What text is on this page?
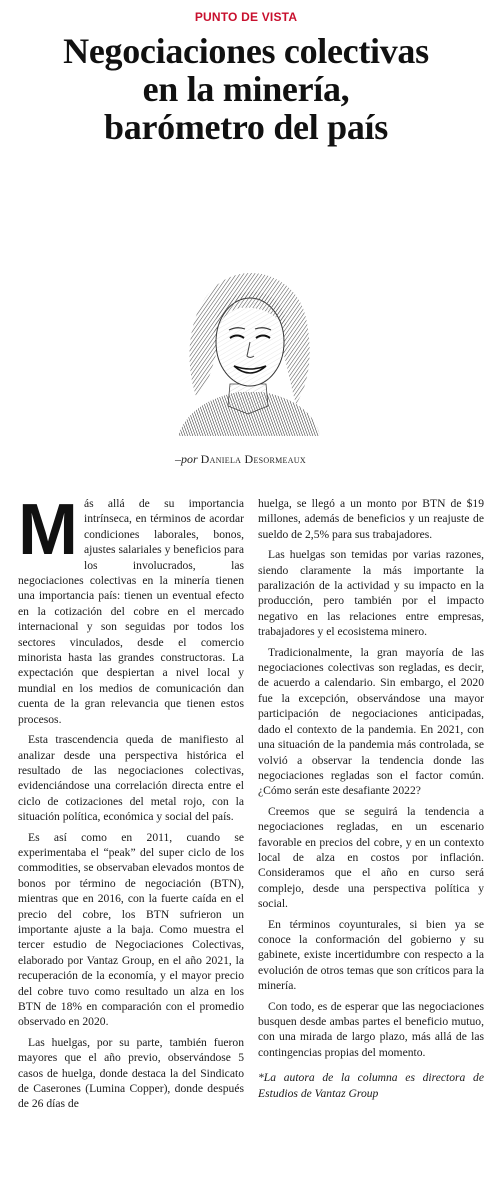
PUNTO DE VISTA
Negociaciones colectivas
en la minería,
barómetro del país
–por Daniela Desormeaux

Más allá de su importancia intrínseca, en términos de acordar condiciones laborales, bonos, ajustes salariales y beneficios para los involucrados, las negociaciones colectivas en la minería tienen una importancia país: tienen un eventual efecto en la cotización del cobre en el mercado internacional y son seguidas por todos los sectores vinculados, desde el comercio minorista hasta las grandes constructoras. La expectación que despiertan a nivel local y mundial en los medios de comunicación dan cuenta de la gran relevancia que tienen estos procesos.

Esta trascendencia queda de manifiesto al analizar desde una perspectiva histórica el resultado de las negociaciones colectivas, evidenciándose una correlación directa entre el ciclo de cotizaciones del metal rojo, con la situación política, económica y social del país.

Es así como en 2011, cuando se experimentaba el “peak” del super ciclo de los commodities, se observaban elevados montos de bonos por término de negociación (BTN), mientras que en 2016, con la fuerte caída en el precio del cobre, los BTN sufrieron un importante ajuste a la baja. Como muestra el tercer estudio de Negociaciones Colectivas, elaborado por Vantaz Group, en el año 2021, la recuperación de la economía, y el mayor precio del cobre tuvo como resultado un alza en los BTN de 18% en comparación con el promedio observado en 2020.

Las huelgas, por su parte, también fueron mayores que el año previo, observándose 5 casos de huelga, donde destaca la del Sindicato de Caserones (Lumina Copper), donde después de 26 días de

huelga, se llegó a un monto por BTN de $19 millones, además de beneficios y un reajuste de sueldo de 2,5% para sus trabajadores.

Las huelgas son temidas por varias razones, siendo claramente la más importante la paralización de la actividad y su impacto en la producción, pero también por el impacto negativo en las relaciones entre empresas, trabajadores y el ecosistema minero.

Tradicionalmente, la gran mayoría de las negociaciones colectivas son regladas, es decir, de acuerdo a calendario. Sin embargo, el 2020 fue la excepción, observándose una mayor participación de negociaciones anticipadas, dado el contexto de la pandemia. En 2021, con una situación de la pandemia más controlada, se volvió a observar la tendencia donde las negociaciones regladas son el factor común. ¿Cómo serán este desafiante 2022?

Creemos que se seguirá la tendencia a negociaciones regladas, en un escenario favorable en precios del cobre, y en un contexto local de alza en costos por inflación. Consideramos que el año en curso será complejo, desde una perspectiva política y social.

En términos coyunturales, si bien ya se conoce la conformación del gobierno y su gabinete, existe incertidumbre con respecto a la evolución de otros temas que son críticos para la minería.

Con todo, es de esperar que las negociaciones busquen desde ambas partes el beneficio mutuo, con una mirada de largo plazo, más allá de las contingencias propias del momento.

*La autora de la columna es directora de Estudios de Vantaz Group
